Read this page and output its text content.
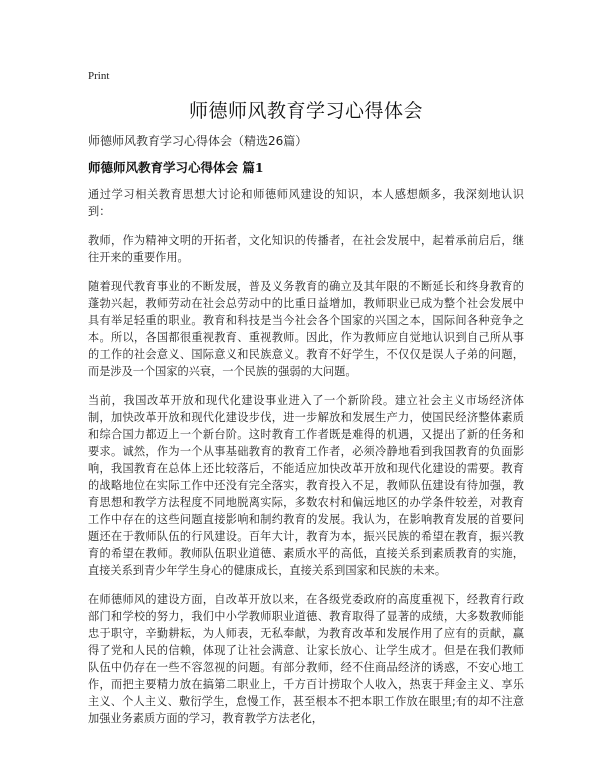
Print
师德师风教育学习心得体会
师德师风教育学习心得体会（精选26篇）
师德师风教育学习心得体会 篇1

通过学习相关教育思想大讨论和师德师风建设的知识，本人感想颇多，我深刻地认识到：

教师，作为精神文明的开拓者，文化知识的传播者，在社会发展中，起着承前启后，继往开来的重要作用。

随着现代教育事业的不断发展，普及义务教育的确立及其年限的不断延长和终身教育的蓬勃兴起，教师劳动在社会总劳动中的比重日益增加，教师职业已成为整个社会发展中具有举足轻重的职业。教育和科技是当今社会各个国家的兴国之本，国际间各种竞争之本。所以，各国都很重视教育、重视教师。因此，作为教师应自觉地认识到自己所从事的工作的社会意义、国际意义和民族意义。教育不好学生，不仅仅是误人子弟的问题，而是涉及一个国家的兴衰，一个民族的强弱的大问题。

当前，我国改革开放和现代化建设事业进入了一个新阶段。建立社会主义市场经济体制，加快改革开放和现代化建设步伐，进一步解放和发展生产力，使国民经济整体素质和综合国力都迈上一个新台阶。这时教育工作者既是难得的机遇，又提出了新的任务和要求。诚然，作为一个从事基础教育的教育工作者，必须冷静地看到我国教育的负面影响，我国教育在总体上还比较落后，不能适应加快改革开放和现代化建设的需要。教育的战略地位在实际工作中还没有完全落实，教育投入不足，教师队伍建设有待加强，教育思想和教学方法程度不同地脱离实际，多数农村和偏远地区的办学条件较差，对教育工作中存在的这些问题直接影响和制约教育的发展。我认为，在影响教育发展的首要问题还在于教师队伍的行风建设。百年大计，教育为本，振兴民族的希望在教育，振兴教育的希望在教师。教师队伍职业道德、素质水平的高低，直接关系到素质教育的实施，直接关系到青少年学生身心的健康成长，直接关系到国家和民族的未来。

在师德师风的建设方面，自改革开放以来，在各级党委政府的高度重视下，经教育行政部门和学校的努力，我们中小学教师职业道德、教育取得了显著的成绩，大多数教师能忠于职守，辛勤耕耘，为人师表，无私奉献，为教育改革和发展作用了应有的贡献，赢得了党和人民的信赖，体现了让社会满意、让家长放心、让学生成才。但是在我们教师队伍中仍存在一些不容忽视的问题。有部分教师，经不住商品经济的诱惑，不安心地工作，而把主要精力放在搞第二职业上，千方百计捞取个人收入，热衷于拜金主义、享乐主义、个人主义、敷衍学生，怠慢工作，甚至根本不把本职工作放在眼里;有的却不注意加强业务素质方面的学习，教育教学方法老化，
